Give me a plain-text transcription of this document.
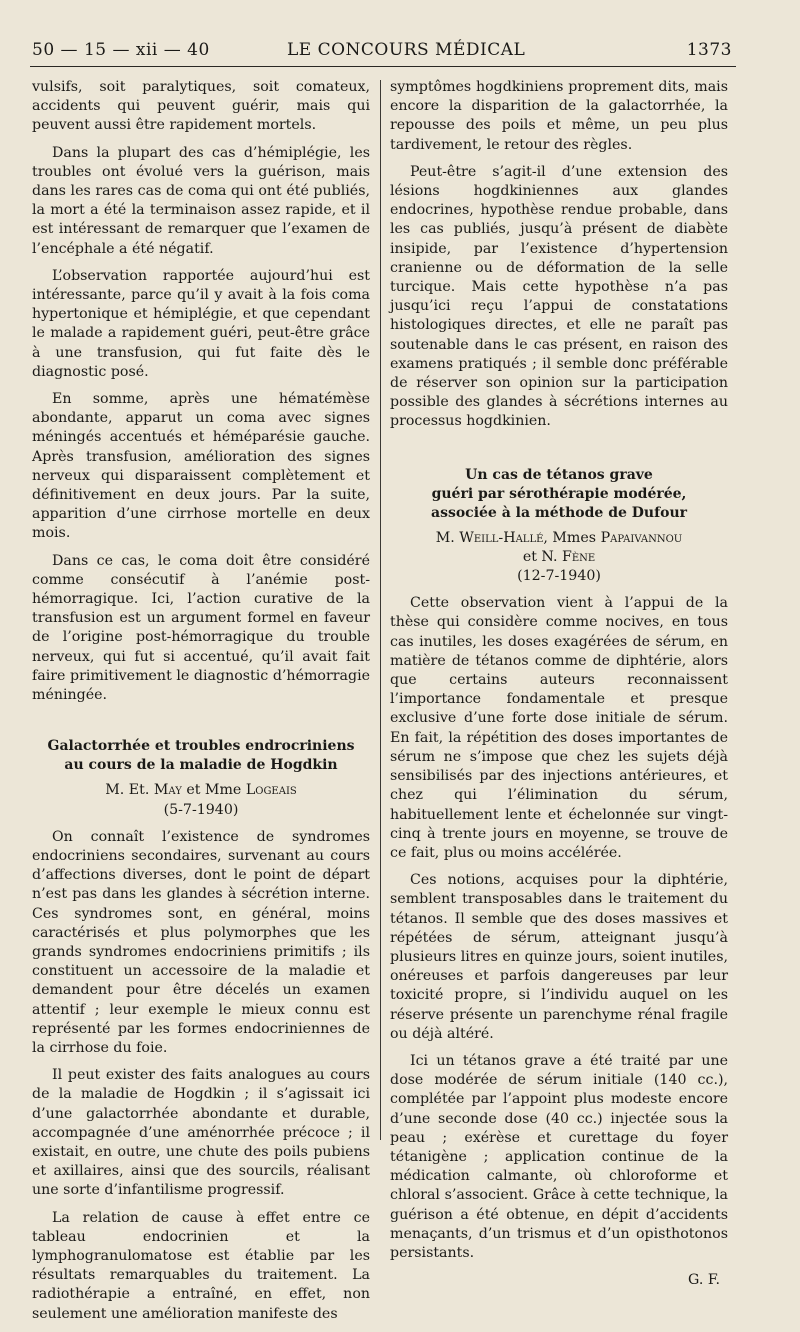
50 — 15 — xii — 40	LE CONCOURS MÉDICAL	1373

vulsifs, soit paralytiques, soit comateux, accidents qui peuvent guérir, mais qui peuvent aussi être rapidement mortels.

Dans la plupart des cas d’hémiplégie, les troubles ont évolué vers la guérison, mais dans les rares cas de coma qui ont été publiés, la mort a été la terminaison assez rapide, et il est intéressant de remarquer que l’examen de l’encéphale a été négatif.

L’observation rapportée aujourd’hui est intéressante, parce qu’il y avait à la fois coma hypertonique et hémiplégie, et que cependant le malade a rapidement guéri, peut-être grâce à une transfusion, qui fut faite dès le diagnostic posé.

En somme, après une hématémèse abondante, apparut un coma avec signes méningés accentués et héméparésie gauche. Après transfusion, amélioration des signes nerveux qui disparaissent complètement et définitivement en deux jours. Par la suite, apparition d’une cirrhose mortelle en deux mois.

Dans ce cas, le coma doit être considéré comme consécutif à l’anémie post-hémorragique. Ici, l’action curative de la transfusion est un argument formel en faveur de l’origine post-hémorragique du trouble nerveux, qui fut si accentué, qu’il avait fait faire primitivement le diagnostic d’hémorragie méningée.

Galactorrhée et troubles endrocriniens

au cours de la maladie de Hogdkin

M. Et. May et Mme Logeais

(5-7-1940)

On connaît l’existence de syndromes endocriniens secondaires, survenant au cours d’affections diverses, dont le point de départ n’est pas dans les glandes à sécrétion interne. Ces syndromes sont, en général, moins caractérisés et plus polymorphes que les grands syndromes endocriniens primitifs ; ils constituent un accessoire de la maladie et demandent pour être décelés un examen attentif ; leur exemple le mieux connu est représenté par les formes endocriniennes de la cirrhose du foie.

Il peut exister des faits analogues au cours de la maladie de Hogdkin ; il s’agissait ici d’une galactorrhée abondante et durable, accompagnée d’une aménorrhée précoce ; il existait, en outre, une chute des poils pubiens et axillaires, ainsi que des sourcils, réalisant une sorte d’infantilisme progressif.

La relation de cause à effet entre ce tableau endocrinien et la lymphogranulomatose est établie par les résultats remarquables du traitement. La radiothérapie a entraîné, en effet, non seulement une amélioration manifeste des

symptômes hogdkiniens proprement dits, mais encore la disparition de la galactorrhée, la repousse des poils et même, un peu plus tardivement, le retour des règles.

Peut-être s’agit-il d’une extension des lésions hogdkiniennes aux glandes endocrines, hypothèse rendue probable, dans les cas publiés, jusqu’à présent de diabète insipide, par l’existence d’hypertension cranienne ou de déformation de la selle turcique. Mais cette hypothèse n’a pas jusqu’ici reçu l’appui de constatations histologiques directes, et elle ne paraît pas soutenable dans le cas présent, en raison des examens pratiqués ; il semble donc préférable de réserver son opinion sur la participation possible des glandes à sécrétions internes au processus hogdkinien.

Un cas de tétanos grave

guéri par sérothérapie modérée,

associée à la méthode de Dufour

M. Weill-Hallé, Mmes Papaivannou

et N. Fène

(12-7-1940)

Cette observation vient à l’appui de la thèse qui considère comme nocives, en tous cas inutiles, les doses exagérées de sérum, en matière de tétanos comme de diphtérie, alors que certains auteurs reconnaissent l’importance fondamentale et presque exclusive d’une forte dose initiale de sérum. En fait, la répétition des doses importantes de sérum ne s’impose que chez les sujets déjà sensibilisés par des injections antérieures, et chez qui l’élimination du sérum, habituellement lente et échelonnée sur vingt-cinq à trente jours en moyenne, se trouve de ce fait, plus ou moins accélérée.

Ces notions, acquises pour la diphtérie, semblent transposables dans le traitement du tétanos. Il semble que des doses massives et répétées de sérum, atteignant jusqu’à plusieurs litres en quinze jours, soient inutiles, onéreuses et parfois dangereuses par leur toxicité propre, si l’individu auquel on les réserve présente un parenchyme rénal fragile ou déjà altéré.

Ici un tétanos grave a été traité par une dose modérée de sérum initiale (140 cc.), complétée par l’appoint plus modeste encore d’une seconde dose (40 cc.) injectée sous la peau ; exérèse et curettage du foyer tétanigène ; application continue de la médication calmante, où chloroforme et chloral s’associent. Grâce à cette technique, la guérison a été obtenue, en dépit d’accidents menaçants, d’un trismus et d’un opisthotonos persistants.

G. F.
